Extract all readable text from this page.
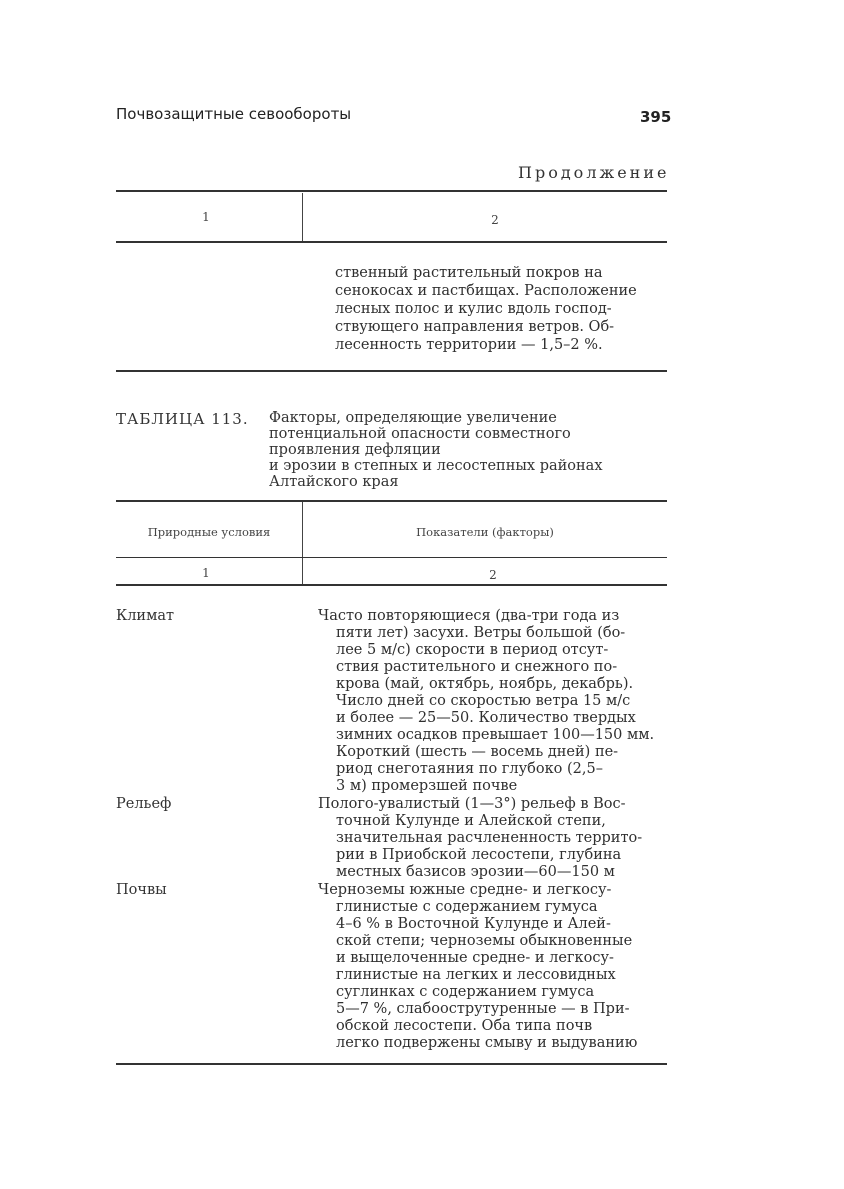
Почвозащитные севообороты	395
Продолжение
1	2

ственный растительный покров на

сенокосах и пастбищах. Расположение

лесных полос и кулис вдоль господ-

ствующего направления ветров. Об-

лесенность территории — 1,5–2 %.

ТАБЛИЦА 113. Факторы, определяющие увеличение
потенциальной опасности совместного
проявления дефляции
и эрозии в степных и лесостепных районах
Алтайского края
Природные условия	Показатели (факторы)
1	2
Климат	Часто повторяющиеся (два-три года из

пяти лет) засухи. Ветры большой (бо-

лее 5 м/с) скорости в период отсут-

ствия растительного и снежного по-

крова (май, октябрь, ноябрь, декабрь).

Число дней со скоростью ветра 15 м/с

и более — 25—50. Количество твердых

зимних осадков превышает 100—150 мм.

Короткий (шесть — восемь дней) пе-

риод снеготаяния по глубоко (2,5–

3 м) промерзшей почве

Рельеф	Полого-увалистый (1—3°) рельеф в Вос-

точной Кулунде и Алейской степи,

значительная расчлененность террито-

рии в Приобской лесостепи, глубина

местных базисов эрозии—60—150 м

Почвы	Черноземы южные средне- и легкосу-

глинистые с содержанием гумуса

4–6 % в Восточной Кулунде и Алей-

ской степи; черноземы обыкновенные

и выщелоченные средне- и легкосу-

глинистые на легких и лессовидных

суглинках с содержанием гумуса

5—7 %, слабоострутуренные — в При-

обской лесостепи. Оба типа почв

легко подвержены смыву и выдуванию
